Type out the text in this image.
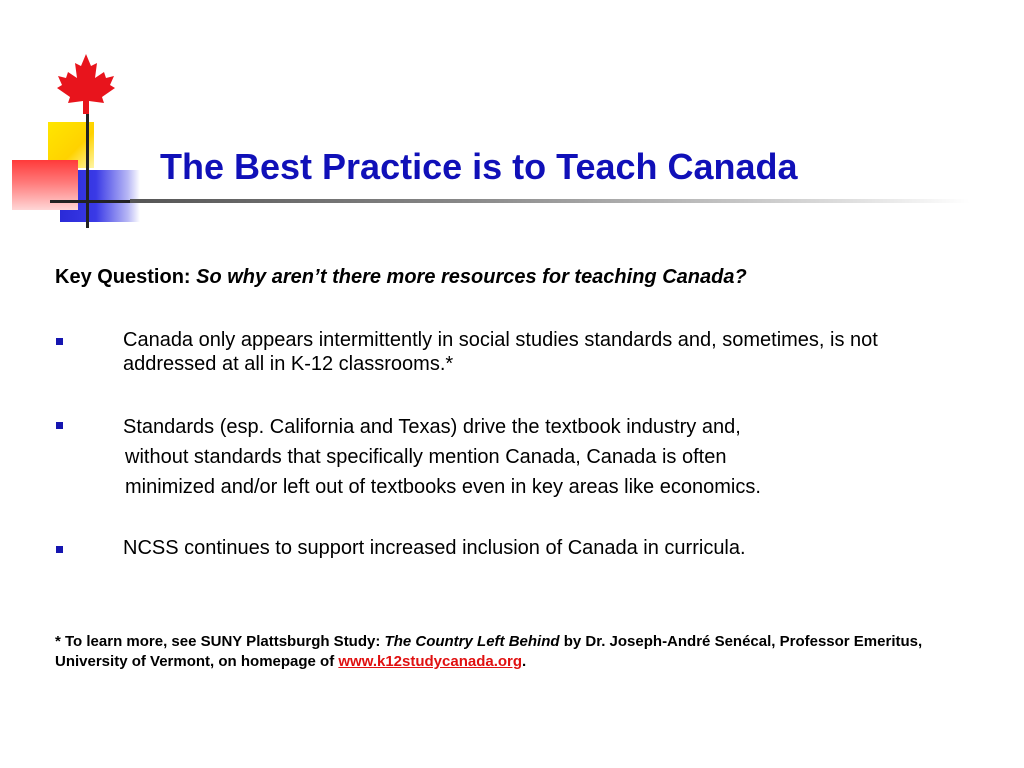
The Best Practice is to Teach Canada
Key Question: So why aren’t there more resources for teaching Canada?
Canada only appears intermittently in social studies standards and, sometimes, is not
addressed at all in K-12 classrooms.*
Standards (esp. California and Texas) drive the textbook industry and,
without standards that specifically mention Canada, Canada is often
minimized and/or left out of textbooks even in key areas like economics.
NCSS continues to support increased inclusion of Canada in curricula.
* To learn more, see SUNY Plattsburgh Study: The Country Left Behind by Dr. Joseph-André Senécal, Professor Emeritus, University of Vermont, on homepage of www.k12studycanada.org.
